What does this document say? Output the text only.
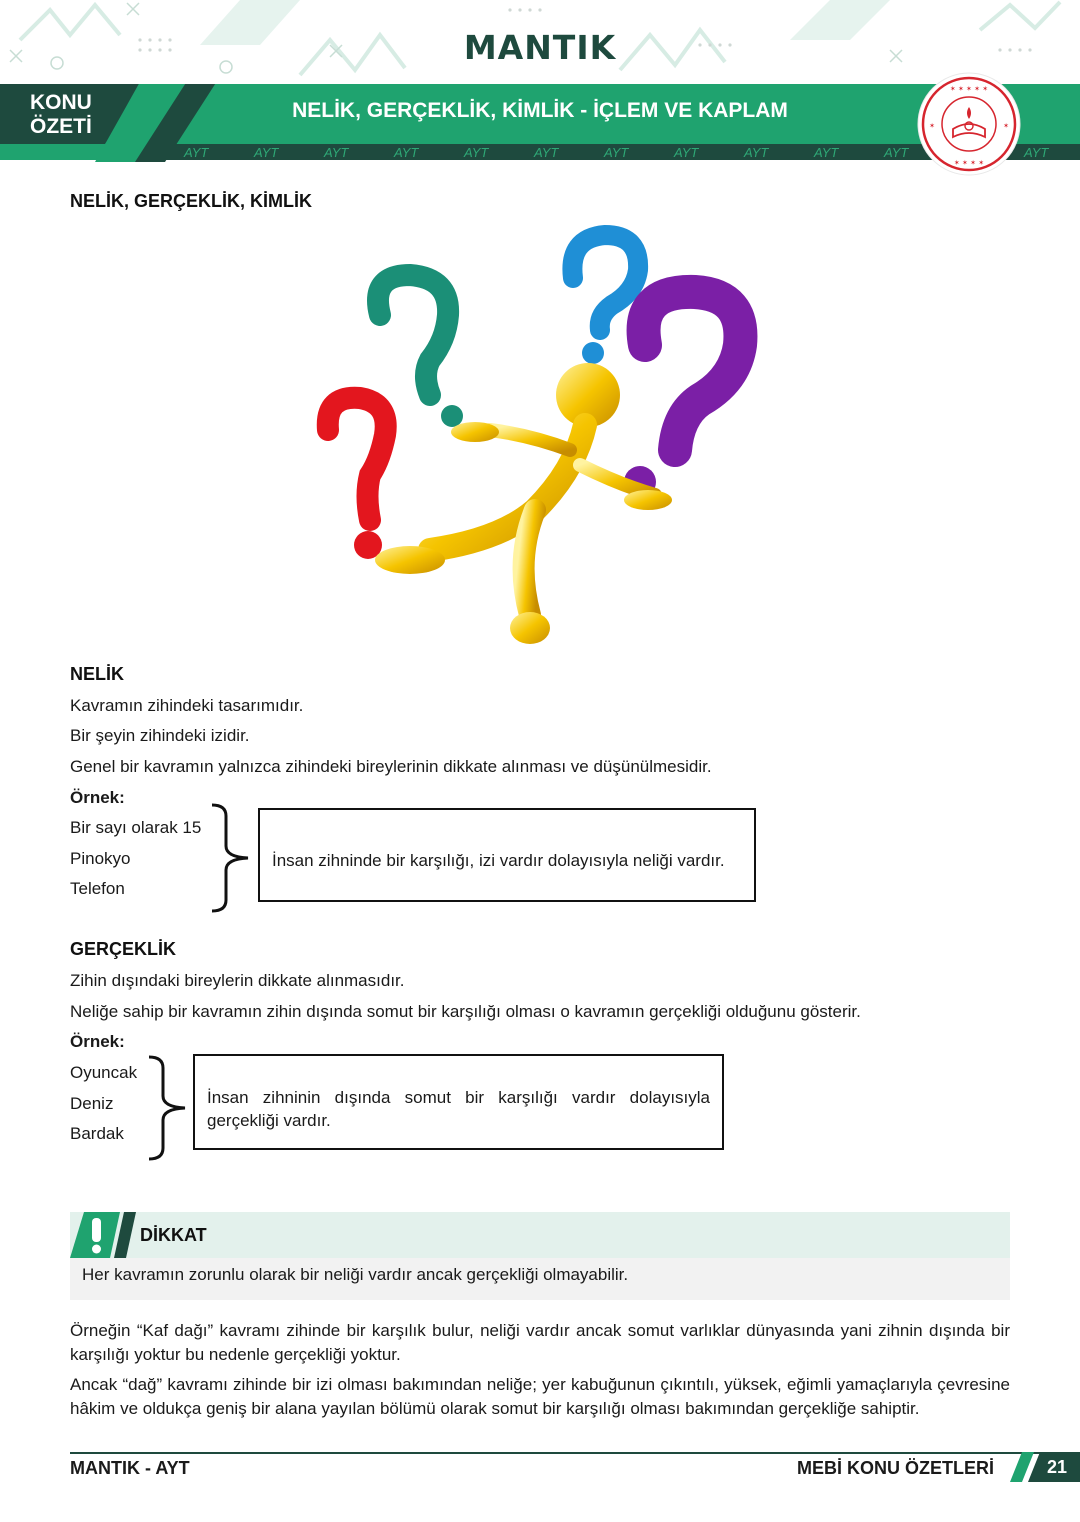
MANTIK
KONU
ÖZETİ
NELİK, GERÇEKLİK, KİMLİK - İÇLEM VE KAPLAM
AYT	AYT	AYT	AYT	AYT	AYT	AYT	AYT	AYT	AYT	AYT	AYT
✶ ✶ ✶ ✶ ✶
✶ ✶ ✶ ✶
✶	✶
NELİK, GERÇEKLİK, KİMLİK
NELİK
Kavramın zihindeki tasarımıdır.
Bir şeyin zihindeki izidir.
Genel bir kavramın yalnızca zihindeki bireylerinin dikkate alınması ve düşünülmesidir.
Örnek:
Bir sayı olarak 15
Pinokyo
Telefon
İnsan zihninde bir karşılığı, izi vardır dolayısıyla neliği vardır.
GERÇEKLİK
Zihin dışındaki bireylerin dikkate alınmasıdır.
Neliğe sahip bir kavramın zihin dışında somut bir karşılığı olması o kavramın gerçekliği olduğunu gösterir.
Örnek:
Oyuncak
Deniz
Bardak
İnsan zihninin dışında somut bir karşılığı vardır dolayısıyla gerçekliği vardır.
DİKKAT
Her kavramın zorunlu olarak bir neliği vardır ancak gerçekliği olmayabilir.
Örneğin “Kaf dağı” kavramı zihinde bir karşılık bulur, neliği vardır ancak somut varlıklar dünyasında yani zihnin dışında bir karşılığı yoktur bu nedenle gerçekliği yoktur.
Ancak “dağ” kavramı zihinde bir izi olması bakımından neliğe; yer kabuğunun çıkıntılı, yüksek, eğimli yamaçlarıyla çevresine hâkim ve oldukça geniş bir alana yayılan bölümü olarak somut bir karşılığı olması bakımından gerçekliğe sahiptir.
MANTIK - AYT	MEBİ KONU ÖZETLERİ	21
